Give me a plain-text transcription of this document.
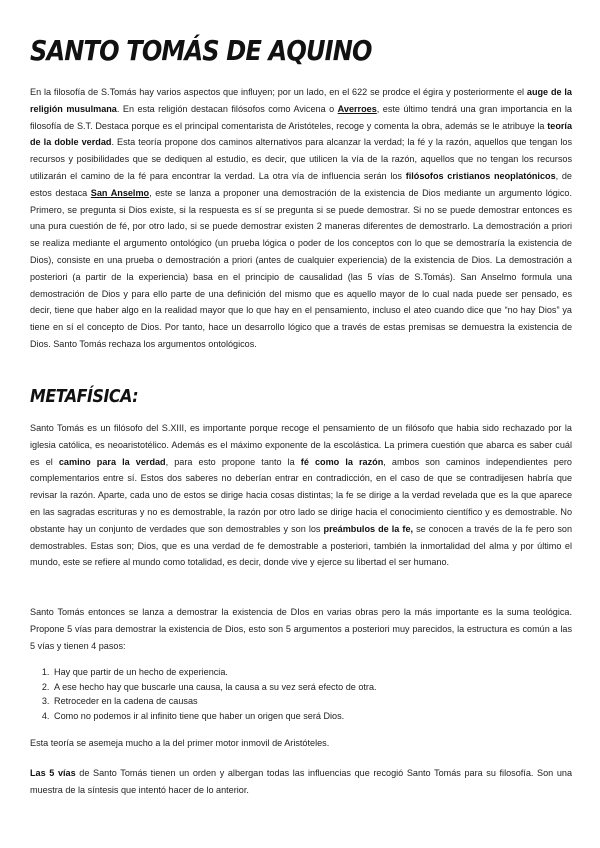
SANTO TOMÁS DE AQUINO

En la filosofía de S.Tomás hay varios aspectos que influyen; por un lado, en el 622 se prodce el égira y posteriormente el auge de la religión musulmana. En esta religión destacan filósofos como Avicena o Averroes, este último tendrá una gran importancia en la filosofía de S.T. Destaca porque es el principal comentarista de Aristóteles, recoge y comenta la obra, además se le atribuye la teoría de la doble verdad. Esta teoría propone dos caminos alternativos para alcanzar la verdad; la fé y la razón, aquellos que tengan los recursos y posibilidades que se dediquen al estudio, es decir, que utilicen la vía de la razón, aquellos que no tengan los recursos utilizarán el camino de la fé para encontrar la verdad. La otra vía de influencia serán los filósofos cristianos neoplatónicos, de estos destaca San Anselmo, este se lanza a proponer una demostración de la existencia de Dios mediante un argumento lógico. Primero, se pregunta si Dios existe, si la respuesta es sí se pregunta si se puede demostrar. Si no se puede demostrar entonces es una pura cuestión de fé, por otro lado, si se puede demostrar existen 2 maneras diferentes de demostrarlo. La demostración a priori se realiza mediante el argumento ontológico (un prueba lógica o poder de los conceptos con lo que se demostraría la existencia de Dios), consiste en una prueba o demostración a priori (antes de cualquier experiencia) de la existencia de Dios. La demostración a posteriori (a partir de la experiencia) basa en el principio de causalidad (las 5 vías de S.Tomás). San Anselmo formula una demostración de Dios y para ello parte de una definición del mismo que es aquello mayor de lo cual nada puede ser pensado, es decir, tiene que haber algo en la realidad mayor que lo que hay en el pensamiento, incluso el ateo cuando dice que “no hay Dios” ya tiene en sí el concepto de Dios. Por tanto, hace un desarrollo lógico que a través de estas premisas se demuestra la existencia de Dios. Santo Tomás rechaza los argumentos ontológicos.

METAFÍSICA:

Santo Tomás es un filósofo del S.XIII, es importante porque recoge el pensamiento de un filósofo que habia sido rechazado por la iglesia católica, es neoaristotélico. Además es el máximo exponente de la escolástica. La primera cuestión que abarca es saber cuál es el camino para la verdad, para esto propone tanto la fé como la razón, ambos son caminos independientes pero complementarios entre sí. Estos dos saberes no deberían entrar en contradicción, en el caso de que se contradijesen habría que revisar la razón. Aparte, cada uno de estos se dirige hacia cosas distintas; la fe se dirige a la verdad revelada que es la que aparece en las sagradas escrituras y no es demostrable, la razón por otro lado se dirige hacia el conocimiento científico y es demostrable. No obstante hay un conjunto de verdades que son demostrables y son los preámbulos de la fe, se conocen a través de la fe pero son demostrables. Estas son; Dios, que es una verdad de fe demostrable a posteriori, también la inmortalidad del alma y por último el mundo, este se refiere al mundo como totalidad, es decir, donde vive y ejerce su libertad el ser humano.

Santo Tomás entonces se lanza a demostrar la existencia de DIos en varias obras pero la más importante es la suma teológica. Propone 5 vías para demostrar la existencia de Dios, esto son 5 argumentos a posteriori muy parecidos, la estructura es común a las 5 vías y tienen 4 pasos:

1. Hay que partir de un hecho de experiencia.
2. A ese hecho hay que buscarle una causa, la causa a su vez será efecto de otra.
3. Retroceder en la cadena de causas
4. Como no podemos ir al infinito tiene que haber un origen que será Dios.

Esta teoría se asemeja mucho a la del primer motor inmovil de Aristóteles.

Las 5 vías de Santo Tomás tienen un orden y albergan todas las influencias que recogió Santo Tomás para su filosofía. Son una muestra de la síntesis que intentó hacer de lo anterior.
